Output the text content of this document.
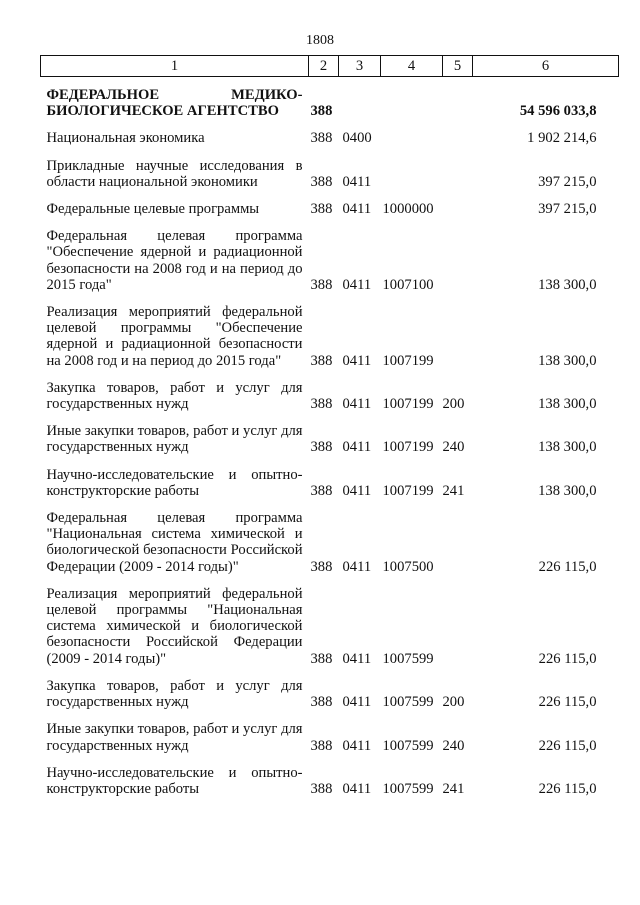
1808
1	2	3	4	5	6
ФЕДЕРАЛЬНОЕ МЕДИКО-БИОЛОГИЧЕСКОЕ АГЕНТСТВО	388				54 596 033,8
Национальная экономика	388	0400			1 902 214,6
Прикладные научные исследования в области национальной экономики	388	0411			397 215,0
Федеральные целевые программы	388	0411	1000000		397 215,0
Федеральная целевая программа "Обеспечение ядерной и радиационной безопасности на 2008 год и на период до 2015 года"	388	0411	1007100		138 300,0
Реализация мероприятий федеральной целевой программы "Обеспечение ядерной и радиационной безопасности на 2008 год и на период до 2015 года"	388	0411	1007199		138 300,0
Закупка товаров, работ и услуг для государственных нужд	388	0411	1007199	200	138 300,0
Иные закупки товаров, работ и услуг для государственных нужд	388	0411	1007199	240	138 300,0
Научно-исследовательские и опытно-конструкторские работы	388	0411	1007199	241	138 300,0
Федеральная целевая программа "Национальная система химической и биологической безопасности Российской Федерации (2009 - 2014 годы)"	388	0411	1007500		226 115,0
Реализация мероприятий федеральной целевой программы "Национальная система химической и биологической безопасности Российской Федерации (2009 - 2014 годы)"	388	0411	1007599		226 115,0
Закупка товаров, работ и услуг для государственных нужд	388	0411	1007599	200	226 115,0
Иные закупки товаров, работ и услуг для государственных нужд	388	0411	1007599	240	226 115,0
Научно-исследовательские и опытно-конструкторские работы	388	0411	1007599	241	226 115,0
